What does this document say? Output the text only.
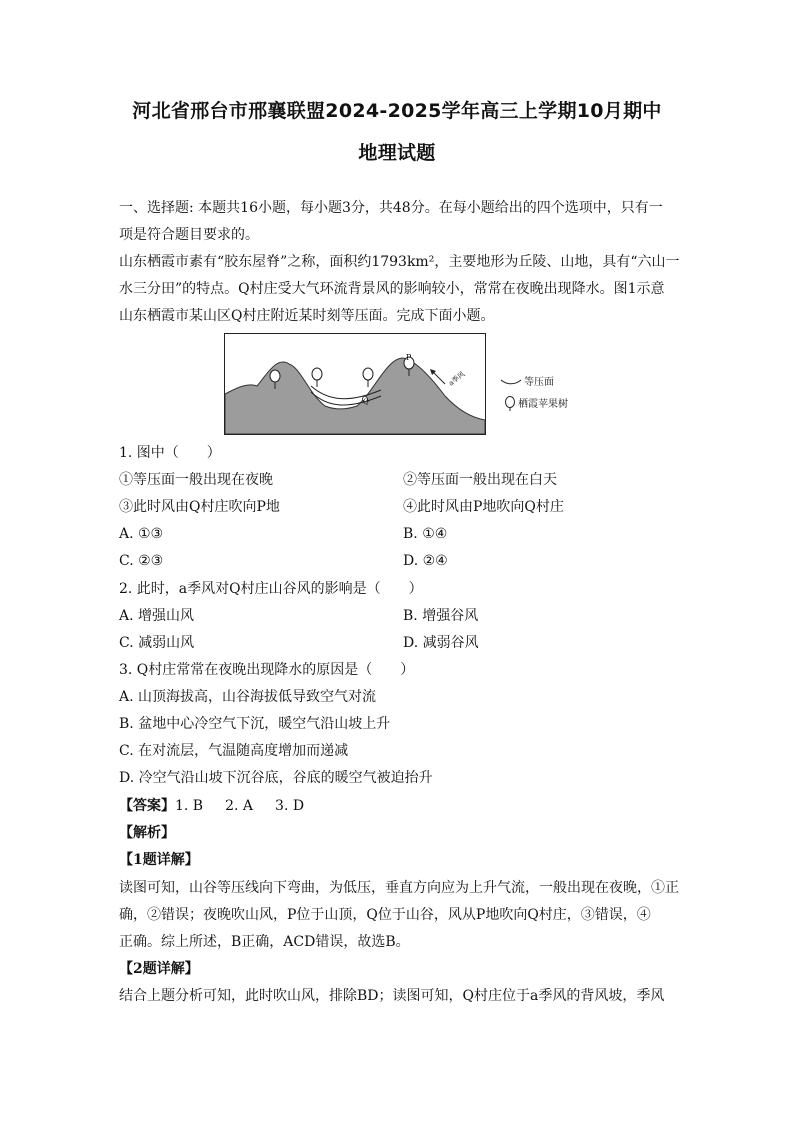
河北省邢台市邢襄联盟2024-2025学年高三上学期10月期中
地理试题
一、选择题: 本题共16小题，每小题3分，共48分。在每小题给出的四个选项中，只有一
项是符合题目要求的。
山东栖霞市素有“胶东屋脊”之称，面积约1793km²，主要地形为丘陵、山地，具有“六山一
水三分田”的特点。Q村庄受大气环流背景风的影响较小，常常在夜晚出现降水。图1示意
山东栖霞市某山区Q村庄附近某时刻等压面。完成下面小题。
P
Q
a季风	等压面
栖霞苹果树
1. 图中（　　）
①等压面一般出现在夜晚	②等压面一般出现在白天
③此时风由Q村庄吹向P地	④此时风由P地吹向Q村庄
A. ①③	B. ①④
C. ②③	D. ②④
2. 此时，a季风对Q村庄山谷风的影响是（　　）
A. 增强山风	B. 增强谷风
C. 减弱山风	D. 减弱谷风
3. Q村庄常常在夜晚出现降水的原因是（　　）
A. 山顶海拔高，山谷海拔低导致空气对流
B. 盆地中心冷空气下沉，暖空气沿山坡上升
C. 在对流层，气温随高度增加而递减
D. 冷空气沿山坡下沉谷底，谷底的暖空气被迫抬升
【答案】1. B 2. A 3. D
【解析】
【1题详解】
读图可知，山谷等压线向下弯曲，为低压，垂直方向应为上升气流，一般出现在夜晚，①正
确，②错误；夜晚吹山风，P位于山顶，Q位于山谷，风从P地吹向Q村庄，③错误，④
正确。综上所述，B正确，ACD错误，故选B。
【2题详解】
结合上题分析可知，此时吹山风，排除BD；读图可知，Q村庄位于a季风的背风坡，季风
